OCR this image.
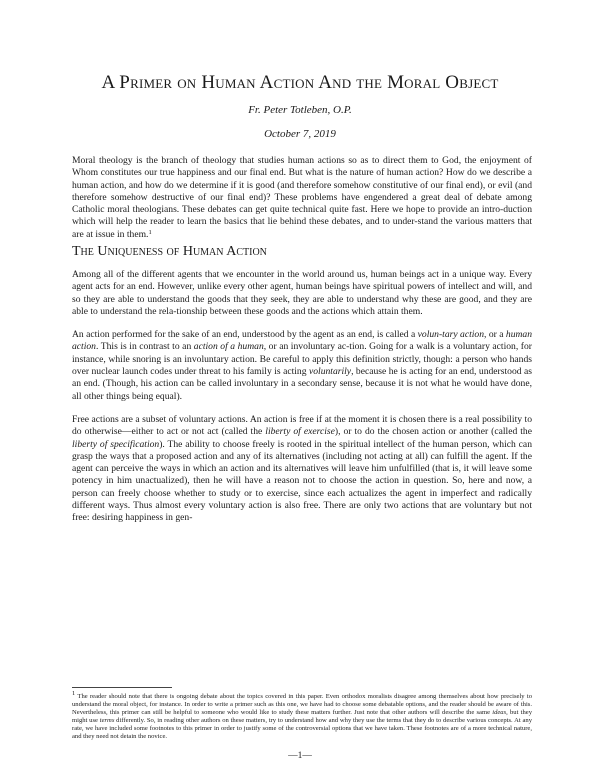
A Primer on Human Action And the Moral Object
Fr. Peter Totleben, O.P.
October 7, 2019

Moral theology is the branch of theology that studies human actions so as to direct them to God, the enjoyment of Whom constitutes our true happiness and our final end. But what is the nature of human action? How do we describe a human action, and how do we determine if it is good (and therefore somehow constitutive of our final end), or evil (and therefore somehow destructive of our final end)? These problems have engendered a great deal of debate among Catholic moral theologians. These debates can get quite technical quite fast. Here we hope to provide an intro-duction which will help the reader to learn the basics that lie behind these debates, and to under-stand the various matters that are at issue in them.$^1$

The Uniqueness of Human Action

Among all of the different agents that we encounter in the world around us, human beings act in a unique way. Every agent acts for an end. However, unlike every other agent, human beings have spiritual powers of intellect and will, and so they are able to understand the goods that they seek, they are able to understand why these are good, and they are able to understand the rela-tionship between these goods and the actions which attain them.

An action performed for the sake of an end, understood by the agent as an end, is called a volun-tary action, or a human action. This is in contrast to an action of a human, or an involuntary ac-tion. Going for a walk is a voluntary action, for instance, while snoring is an involuntary action. Be careful to apply this definition strictly, though: a person who hands over nuclear launch codes under threat to his family is acting voluntarily, because he is acting for an end, understood as an end. (Though, his action can be called involuntary in a secondary sense, because it is not what he would have done, all other things being equal).

Free actions are a subset of voluntary actions. An action is free if at the moment it is chosen there is a real possibility to do otherwise—either to act or not act (called the liberty of exercise), or to do the chosen action or another (called the liberty of specification). The ability to choose freely is rooted in the spiritual intellect of the human person, which can grasp the ways that a proposed action and any of its alternatives (including not acting at all) can fulfill the agent. If the agent can perceive the ways in which an action and its alternatives will leave him unfulfilled (that is, it will leave some potency in him unactualized), then he will have a reason not to choose the action in question. So, here and now, a person can freely choose whether to study or to exercise, since each actualizes the agent in imperfect and radically different ways. Thus almost every voluntary action is also free. There are only two actions that are voluntary but not free: desiring happiness in gen-

$^1$ The reader should note that there is ongoing debate about the topics covered in this paper. Even orthodox moralists disagree among themselves about how precisely to understand the moral object, for instance. In order to write a primer such as this one, we have had to choose some debatable options, and the reader should be aware of this. Nevertheless, this primer can still be helpful to someone who would like to study these matters further. Just note that other authors will describe the same ideas, but they might use terms differently. So, in reading other authors on these matters, try to understand how and why they use the terms that they do to describe various concepts. At any rate, we have included some footnotes to this primer in order to justify some of the controversial options that we have taken. These footnotes are of a more technical nature, and they need not detain the novice.
—1—
